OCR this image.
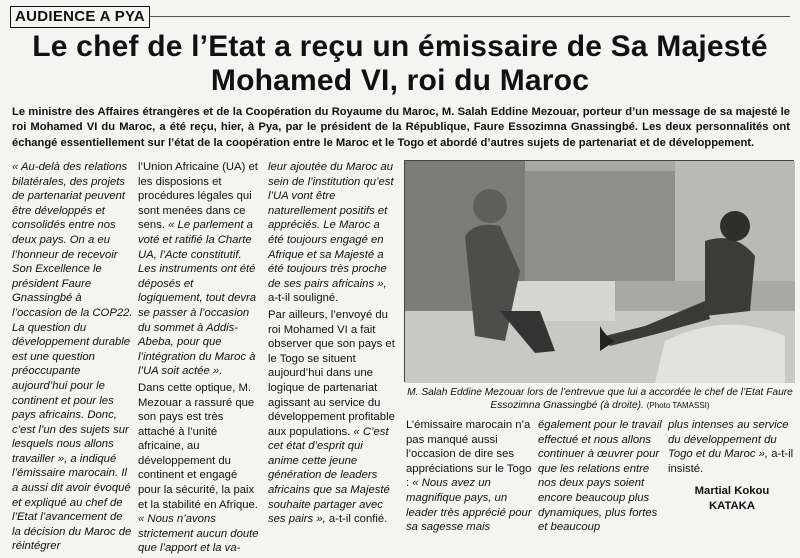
AUDIENCE A PYA
Le chef de l’Etat a reçu un émissaire de Sa Majesté
Mohamed VI, roi du Maroc

Le ministre des Affaires étrangères et de la Coopération du Royaume du Maroc, M. Salah Eddine Mezouar, porteur d’un message de sa majesté le roi Mohamed VI du Maroc, a été reçu, hier, à Pya, par le président de la République, Faure Essozimna Gnassingbé. Les deux personnalités ont échangé essentiellement sur l’état de la coopération entre le Maroc et le Togo et abordé d’autres sujets de partenariat et de développement.

« Au-delà des relations bilatérales, des projets de partenariat peuvent être développés et consolidés entre nos deux pays. On a eu l’honneur de recevoir Son Excellence le président Faure Gnassingbé à l’occasion de la COP22. La question du développement durable est une question préoccupante aujourd’hui pour le continent et pour les pays africains. Donc, c’est l’un des sujets sur lesquels nous allons travailler », a indiqué l’émissaire marocain. Il a aussi dit avoir évoqué et expliqué au chef de l’Etat l’avancement de la décision du Maroc de réintégrer

l’Union Africaine (UA) et les disposions et procédures légales qui sont menées dans ce sens. « Le parlement a voté et ratifié la Charte UA, l’Acte constitutif. Les instruments ont été déposés et logiquement, tout devra se passer à l’occasion du sommet à Addis-Abeba, pour que l’intégration du Maroc à l’UA soit actée ».

Dans cette optique, M. Mezouar a rassuré que son pays est très attaché à l’unité africaine, au développement du continent et engagé pour la sécurité, la paix et la stabilité en Afrique. « Nous n’avons strictement aucun doute que l’apport et la va-

leur ajoutée du Maroc au sein de l’institution qu’est l’UA vont être naturellement positifs et appréciés. Le Maroc a été toujours engagé en Afrique et sa Majesté a été toujours très proche de ses pairs africains », a-t-il souligné.

Par ailleurs, l’envoyé du roi Mohamed VI a fait observer que son pays et le Togo se situent aujourd’hui dans une logique de partenariat agissant au service du développement profitable aux populations. « C’est cet état d’esprit qui anime cette jeune génération de leaders africains que sa Majesté souhaite partager avec ses pairs », a-t-il confié.

M. Salah Eddine Mezouar lors de l’entrevue que lui a accordée le chef de l’Etat Faure Essozimna Gnassingbé (à droite). (Photo TAMASSI)

L’émissaire marocain n’a pas manqué aussi l’occasion de dire ses appréciations sur le Togo : « Nous avez un magnifique pays, un leader très apprécié pour sa sagesse mais

également pour le travail effectué et nous allons continuer à œuvrer pour que les relations entre nos deux pays soient encore beaucoup plus dynamiques, plus fortes et beaucoup

plus intenses au service du développement du Togo et du Maroc », a-t-il insisté.

Martial Kokou
KATAKA
